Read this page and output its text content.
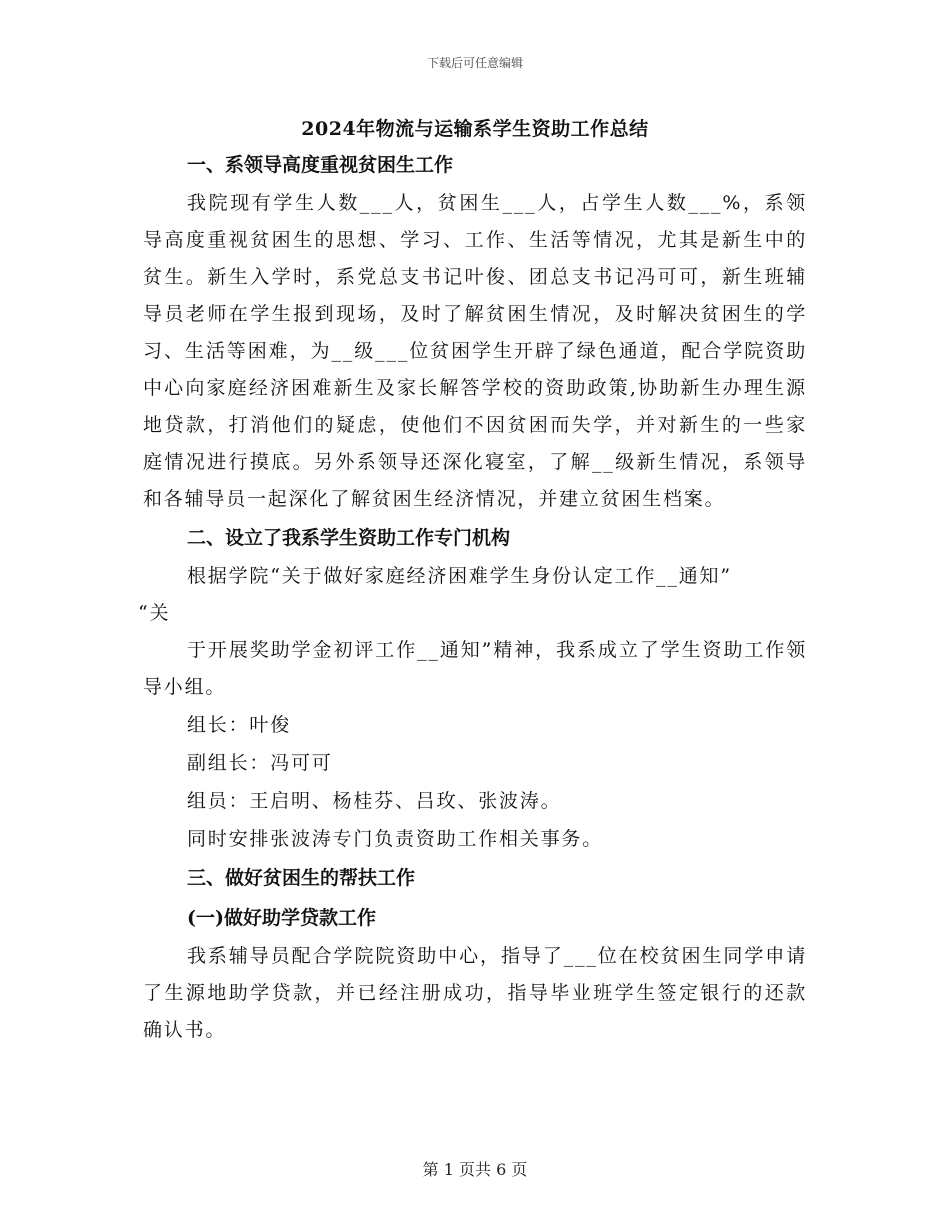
下载后可任意编辑
2024年物流与运输系学生资助工作总结

一、系领导高度重视贫困生工作

我院现有学生人数___人，贫困生___人，占学生人数___%，系领导高度重视贫困生的思想、学习、工作、生活等情况，尤其是新生中的贫生。新生入学时，系党总支书记叶俊、团总支书记冯可可，新生班辅导员老师在学生报到现场，及时了解贫困生情况，及时解决贫困生的学习、生活等困难，为__级___位贫困学生开辟了绿色通道，配合学院资助中心向家庭经济困难新生及家长解答学校的资助政策,协助新生办理生源地贷款，打消他们的疑虑，使他们不因贫困而失学，并对新生的一些家庭情况进行摸底。另外系领导还深化寝室，了解__级新生情况，系领导和各辅导员一起深化了解贫困生经济情况，并建立贫困生档案。

二、设立了我系学生资助工作专门机构

根据学院“关于做好家庭经济困难学生身份认定工作__通知”

“关

于开展奖助学金初评工作__通知”精神，我系成立了学生资助工作领导小组。

组长：叶俊

副组长：冯可可

组员：王启明、杨桂芬、吕玫、张波涛。

同时安排张波涛专门负责资助工作相关事务。

三、做好贫困生的帮扶工作

(一)做好助学贷款工作

我系辅导员配合学院院资助中心，指导了___位在校贫困生同学申请了生源地助学贷款，并已经注册成功，指导毕业班学生签定银行的还款确认书。

第 1 页共 6 页
